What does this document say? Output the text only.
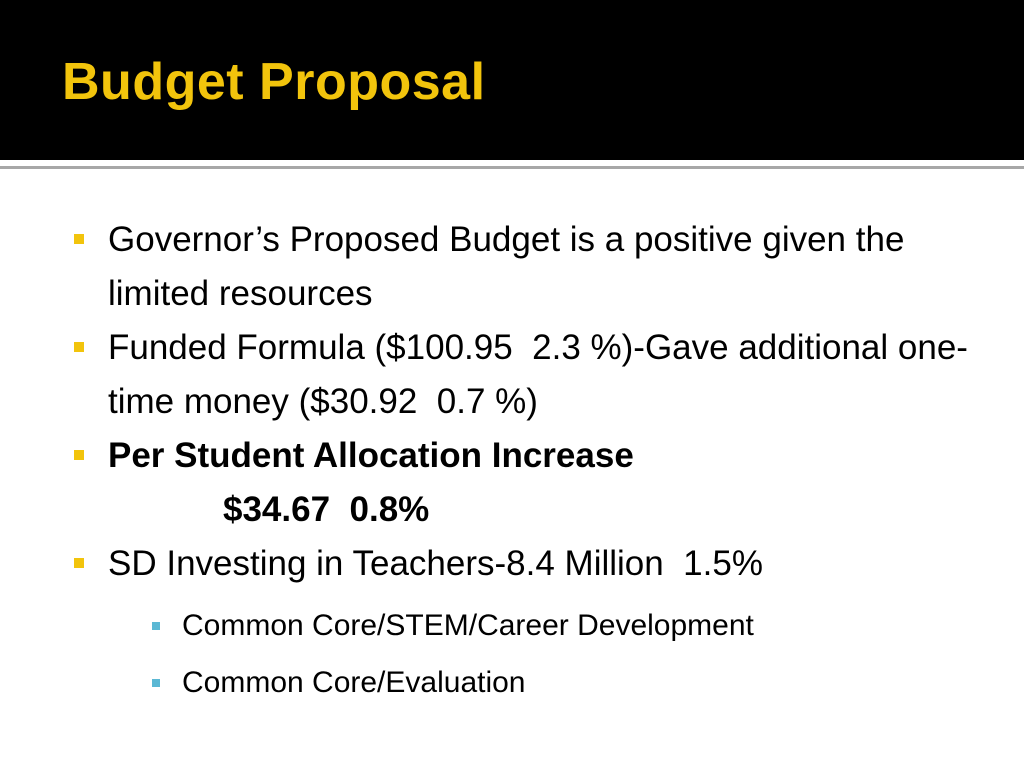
Budget Proposal
Governor’s Proposed Budget is a positive given the limited resources
Funded Formula ($100.95  2.3 %)-Gave additional one-time money ($30.92  0.7 %)
Per Student Allocation Increase
$34.67  0.8%
SD Investing in Teachers-8.4 Million  1.5%
Common Core/STEM/Career Development
Common Core/Evaluation
